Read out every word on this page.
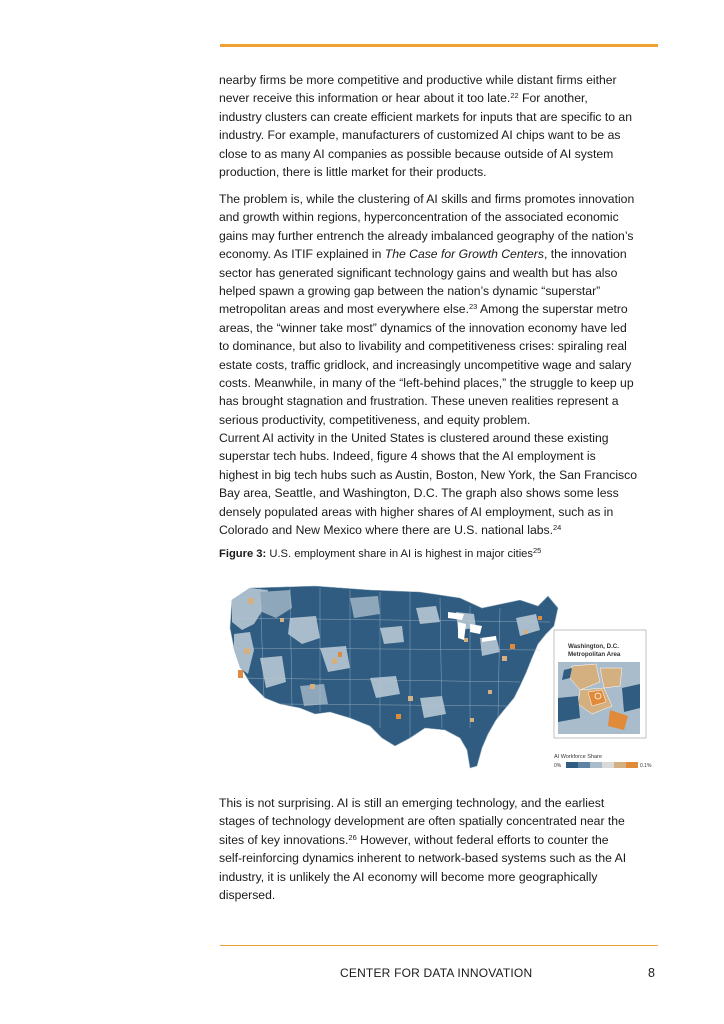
nearby firms be more competitive and productive while distant firms either
never receive this information or hear about it too late.$^{22}$ For another,
industry clusters can create efficient markets for inputs that are specific to an
industry. For example, manufacturers of customized AI chips want to be as
close to as many AI companies as possible because outside of AI system
production, there is little market for their products.

The problem is, while the clustering of AI skills and firms promotes innovation
and growth within regions, hyperconcentration of the associated economic
gains may further entrench the already imbalanced geography of the nation’s
economy. As ITIF explained in The Case for Growth Centers, the innovation
sector has generated significant technology gains and wealth but has also
helped spawn a growing gap between the nation’s dynamic “superstar”
metropolitan areas and most everywhere else.$^{23}$ Among the superstar metro
areas, the “winner take most” dynamics of the innovation economy have led
to dominance, but also to livability and competitiveness crises: spiraling real
estate costs, traffic gridlock, and increasingly uncompetitive wage and salary
costs. Meanwhile, in many of the “left-behind places,” the struggle to keep up
has brought stagnation and frustration. These uneven realities represent a
serious productivity, competitiveness, and equity problem.

Current AI activity in the United States is clustered around these existing
superstar tech hubs. Indeed, figure 4 shows that the AI employment is
highest in big tech hubs such as Austin, Boston, New York, the San Francisco
Bay area, Seattle, and Washington, D.C. The graph also shows some less
densely populated areas with higher shares of AI employment, such as in
Colorado and New Mexico where there are U.S. national labs.$^{24}$

Figure 3: U.S. employment share in AI is highest in major cities$^{25}$
Washington, D.C.
Metropolitan Area
AI Workforce Share
0%	0.1%

This is not surprising. AI is still an emerging technology, and the earliest
stages of technology development are often spatially concentrated near the
sites of key innovations.$^{26}$ However, without federal efforts to counter the
self-reinforcing dynamics inherent to network-based systems such as the AI
industry, it is unlikely the AI economy will become more geographically
dispersed.

CENTER FOR DATA INNOVATION	8
